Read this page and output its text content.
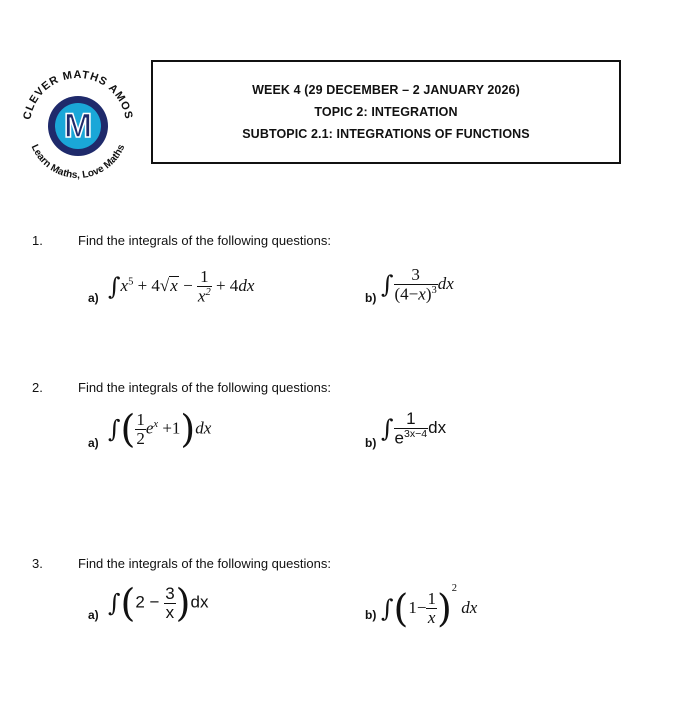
M
CLEVER MATHS AMOS
Learn Maths, Love Maths
WEEK 4 (29 DECEMBER – 2 JANUARY 2026)
TOPIC 2: INTEGRATION
SUBTOPIC 2.1: INTEGRATIONS OF FUNCTIONS
1.	Find the integrals of the following questions:
a) $\int x^5 + 4√x - \frac{1}{x^2} + 4dx$
b) ∫ $\frac{3}{(4-x)^3}$ dx
2.	Find the integrals of the following questions:
a) ∫( $\frac{1}{2} e^x +1)dx$
b)
∫ $\frac{1}{e^{3x-4}}$ dx
3.	Find the integrals of the following questions:
a) $\int(2 - \frac{3}{x} )dx$
b) $\int(1- \frac{1}{x} )^2$ dx
